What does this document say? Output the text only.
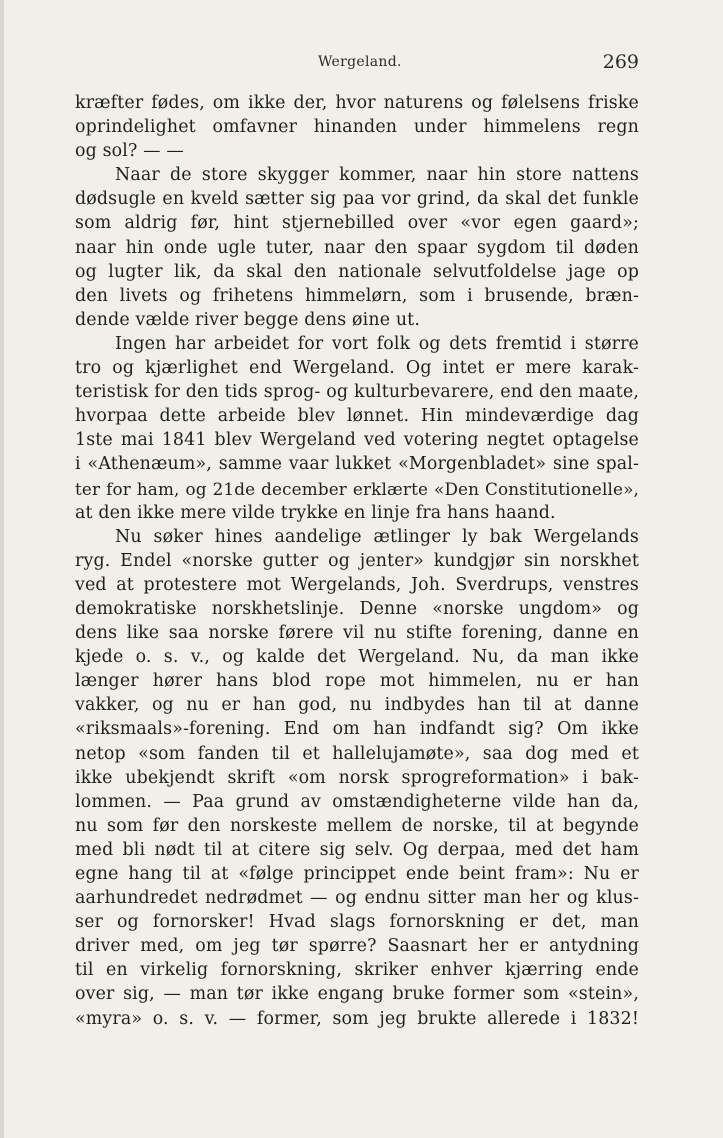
Wergeland.	269
kræfter fødes, om ikke der, hvor naturens og følelsens friske
oprindelighet omfavner hinanden under himmelens regn
og sol? — —
Naar de store skygger kommer, naar hin store nattens
dødsugle en kveld sætter sig paa vor grind, da skal det funkle
som aldrig før, hint stjernebilled over «vor egen gaard»;
naar hin onde ugle tuter, naar den spaar sygdom til døden
og lugter lik, da skal den nationale selvutfoldelse jage op
den livets og frihetens himmelørn, som i brusende, bræn-
dende vælde river begge dens øine ut.
Ingen har arbeidet for vort folk og dets fremtid i større
tro og kjærlighet end Wergeland. Og intet er mere karak-
teristisk for den tids sprog- og kulturbevarere, end den maate,
hvorpaa dette arbeide blev lønnet. Hin mindeværdige dag
1ste mai 1841 blev Wergeland ved votering negtet optagelse
i «Athenæum», samme vaar lukket «Morgenbladet» sine spal-
ter for ham, og 21de december erklærte «Den Constitutionelle»,
at den ikke mere vilde trykke en linje fra hans haand.
Nu søker hines aandelige ætlinger ly bak Wergelands
ryg. Endel «norske gutter og jenter» kundgjør sin norskhet
ved at protestere mot Wergelands, Joh. Sverdrups, venstres
demokratiske norskhetslinje. Denne «norske ungdom» og
dens like saa norske førere vil nu stifte forening, danne en
kjede o. s. v., og kalde det Wergeland. Nu, da man ikke
længer hører hans blod rope mot himmelen, nu er han
vakker, og nu er han god, nu indbydes han til at danne
«riksmaals»-forening. End om han indfandt sig? Om ikke
netop «som fanden til et hallelujamøte», saa dog med et
ikke ubekjendt skrift «om norsk sprogreformation» i bak-
lommen. — Paa grund av omstændigheterne vilde han da,
nu som før den norskeste mellem de norske, til at begynde
med bli nødt til at citere sig selv. Og derpaa, med det ham
egne hang til at «følge princippet ende beint fram»: Nu er
aarhundredet nedrødmet — og endnu sitter man her og klus-
ser og fornorsker! Hvad slags fornorskning er det, man
driver med, om jeg tør spørre? Saasnart her er antydning
til en virkelig fornorskning, skriker enhver kjærring ende
over sig, — man tør ikke engang bruke former som «stein»,
«myra» o. s. v. — former, som jeg brukte allerede i 1832!
